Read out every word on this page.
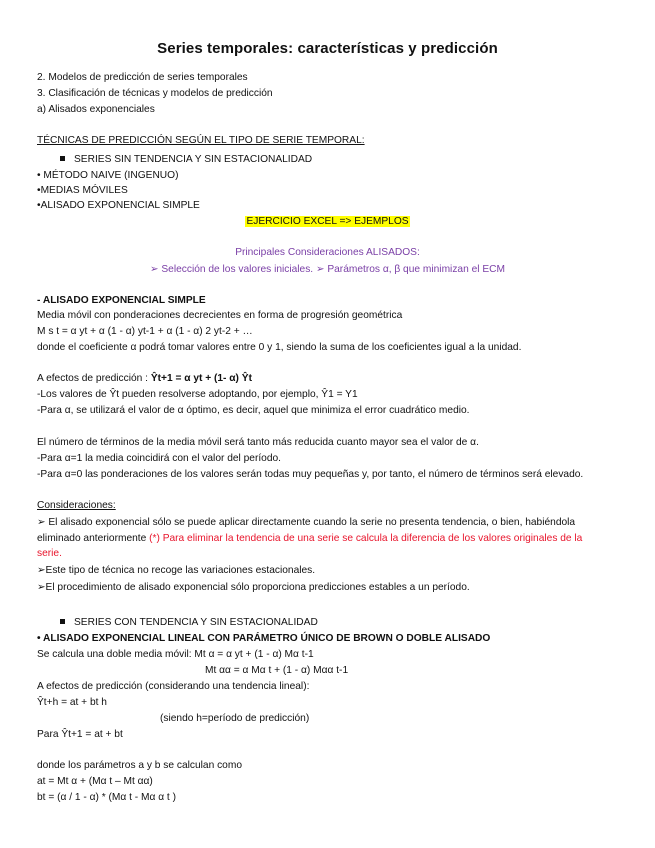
Series temporales: características y predicción
2. Modelos de predicción de series temporales
3. Clasificación de técnicas y modelos de predicción
a) Alisados exponenciales
TÉCNICAS DE PREDICCIÓN SEGÚN EL TIPO DE SERIE TEMPORAL:
SERIES SIN TENDENCIA Y SIN ESTACIONALIDAD
• MÉTODO NAIVE (INGENUO)
•MEDIAS MÓVILES
•ALISADO EXPONENCIAL SIMPLE
EJERCICIO EXCEL => EJEMPLOS
Principales Consideraciones ALISADOS:
➢ Selección de los valores iniciales. ➢ Parámetros α, β que minimizan el ECM
- ALISADO EXPONENCIAL SIMPLE
Media móvil con ponderaciones decrecientes en forma de progresión geométrica
M s t = α yt + α (1 - α) yt-1 + α (1 - α) 2 yt-2 + …
donde el coeficiente α podrá tomar valores entre 0 y 1, siendo la suma de los coeficientes igual a la unidad.
A efectos de predicción : Ŷt+1 = α yt + (1- α) Ŷt
-Los valores de Ŷt pueden resolverse adoptando, por ejemplo, Ŷ1 = Y1
-Para α, se utilizará el valor de α óptimo, es decir, aquel que minimiza el error cuadrático medio.
El número de términos de la media móvil será tanto más reducida cuanto mayor sea el valor de α.
-Para α=1 la media coincidirá con el valor del período.
-Para α=0 las ponderaciones de los valores serán todas muy pequeñas y, por tanto, el número de términos será elevado.
Consideraciones:
➢ El alisado exponencial sólo se puede aplicar directamente cuando la serie no presenta tendencia, o bien, habiéndola
eliminado anteriormente (*) Para eliminar la tendencia de una serie se calcula la diferencia de los valores originales de la
serie.
➢Este tipo de técnica no recoge las variaciones estacionales.
➢El procedimiento de alisado exponencial sólo proporciona predicciones estables a un período.
SERIES CON TENDENCIA Y SIN ESTACIONALIDAD
• ALISADO EXPONENCIAL LINEAL CON PARÁMETRO ÚNICO DE BROWN O DOBLE ALISADO
Se calcula una doble media móvil: Mt α = α yt + (1 - α) Mα t-1
Mt αα = α Mα t + (1 - α) Mαα t-1
A efectos de predicción (considerando una tendencia lineal):
Ŷt+h = at + bt h
(siendo h=período de predicción)
Para Ŷt+1 = at + bt
donde los parámetros a y b se calculan como
at = Mt α + (Mα t – Mt αα)
bt = (α / 1 - α) * (Mα t - Mα α t )
